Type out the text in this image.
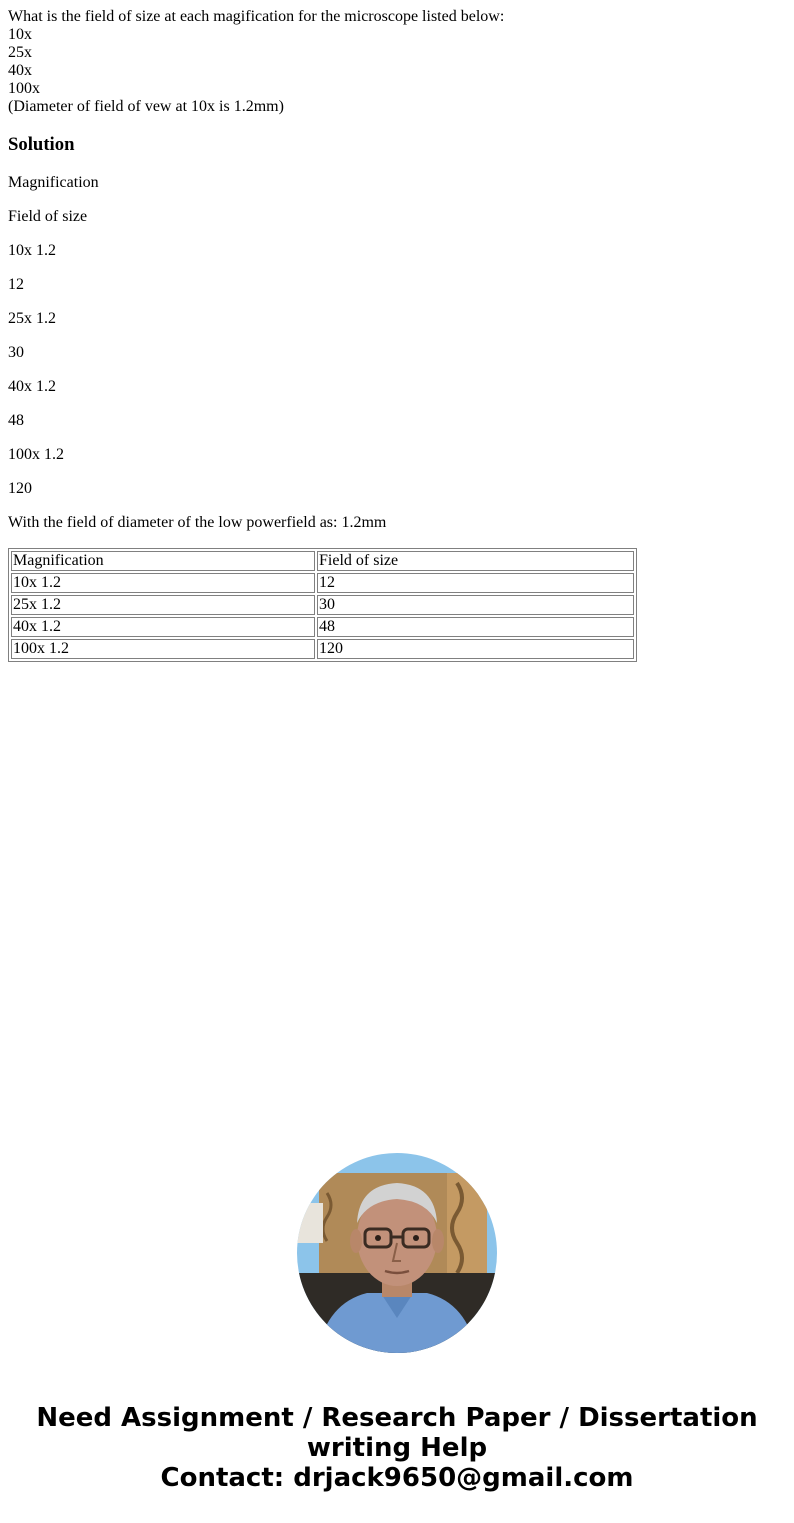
What is the field of size at each magification for the microscope listed below:
10x
25x
40x
100x
(Diameter of field of vew at 10x is 1.2mm)
Solution

Magnification

Field of size

10x 1.2

12

25x 1.2

30

40x 1.2

48

100x 1.2

120

With the field of diameter of the low powerfield as: 1.2mm

Magnification	Field of size
10x 1.2	12
25x 1.2	30
40x 1.2	48
100x 1.2	120
Need Assignment / Research Paper / Dissertation
writing Help
Contact: drjack9650@gmail.com
